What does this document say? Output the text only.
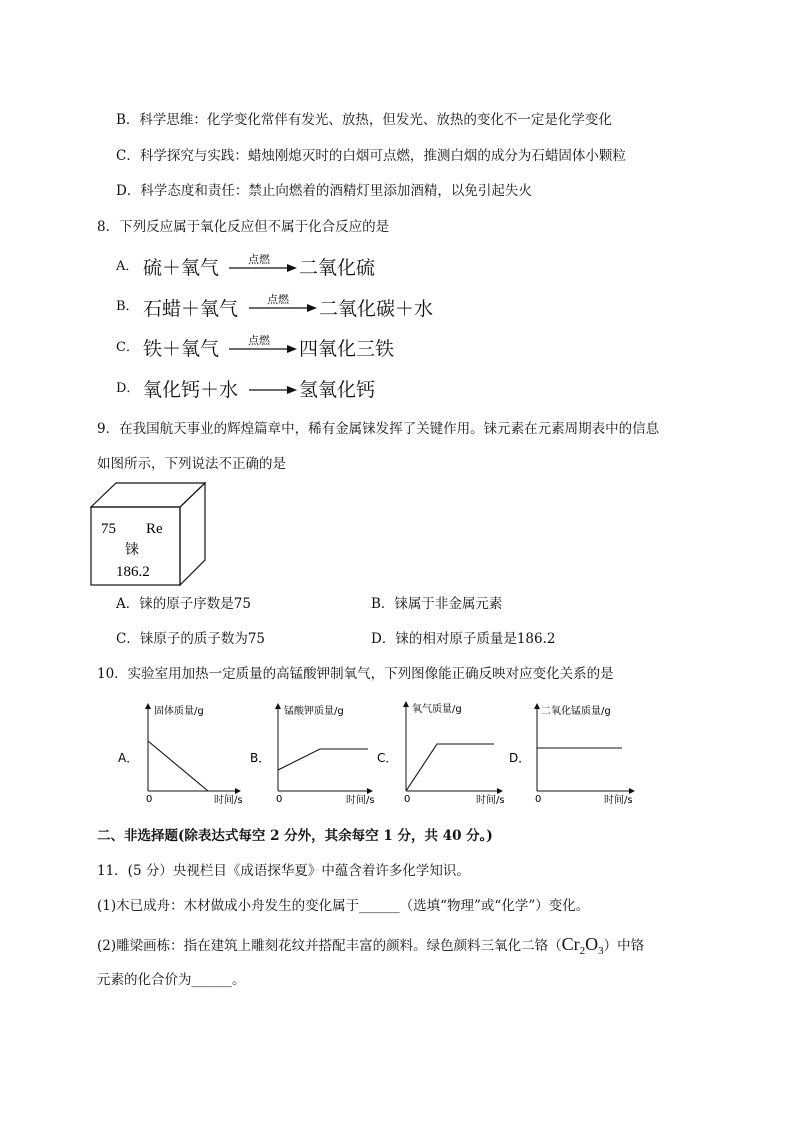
B．科学思维：化学变化常伴有发光、放热，但发光、放热的变化不一定是化学变化
C．科学探究与实践：蜡烛刚熄灭时的白烟可点燃，推测白烟的成分为石蜡固体小颗粒
D．科学态度和责任：禁止向燃着的酒精灯里添加酒精，以免引起失火
8．下列反应属于氧化反应但不属于化合反应的是
A． 硫＋氧气	点燃 二氧化硫
B． 石蜡＋氧气	点燃 二氧化碳＋水
C． 铁＋氧气	点燃 四氧化三铁
D． 氧化钙＋水	氢氧化钙
9．在我国航天事业的辉煌篇章中，稀有金属铼发挥了关键作用。铼元素在元素周期表中的信息
如图所示，下列说法不正确的是
75 Re
铼
186.2
A．铼的原子序数是75	B．铼属于非金属元素
C．铼原子的质子数为75	D．铼的相对原子质量是186.2
10．实验室用加热一定质量的高锰酸钾制氧气，下列图像能正确反映对应变化关系的是
A．
固体质量/g
时间/s
0
B．
锰酸钾质量/g
时间/s
0
C．
氧气质量/g
时间/s
0
D．
二氧化锰质量/g
时间/s
0
二、非选择题(除表达式每空 2 分外，其余每空 1 分，共 40 分。)
11．(5 分）央视栏目《成语探华夏》中蕴含着许多化学知识。
(1)木已成舟：木材做成小舟发生的变化属于______（选填“物理”或“化学”）变化。
(2)雕梁画栋：指在建筑上雕刻花纹并搭配丰富的颜料。绿色颜料三氧化二铬$(Cr_2O_3)$中铬
元素的化合价为______。
